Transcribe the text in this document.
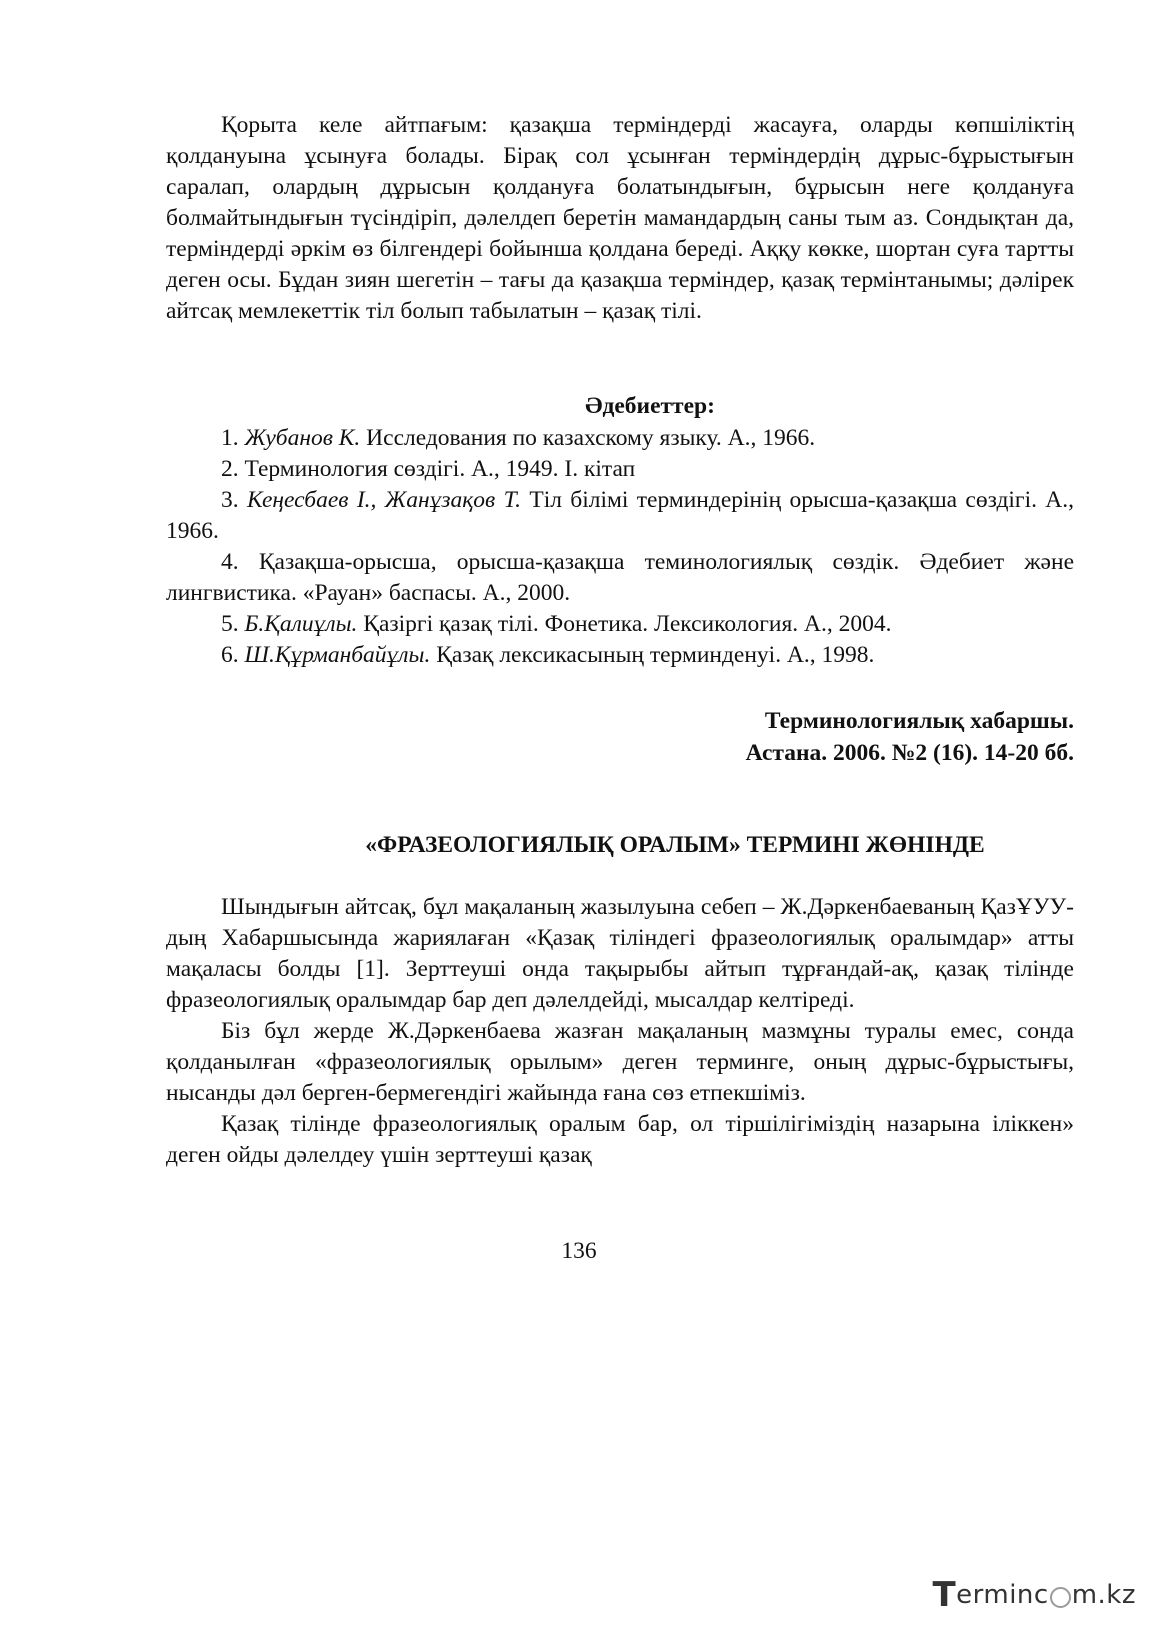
Қорыта келе айтпағым: қазақша терміндерді жасауға, оларды көпшіліктің қолдануына ұсынуға болады. Бірақ сол ұсынған терміндердің дұрыс-бұрыстығын саралап, олардың дұрысын қолдануға болатындығын, бұрысын неге қолдануға болмайтындығын түсіндіріп, дәлелдеп беретін мамандардың саны тым аз. Сондықтан да, терміндерді әркім өз білгендері бойынша қолдана береді. Аққу көкке, шортан суға тартты деген осы. Бұдан зиян шегетін – тағы да қазақша терміндер, қазақ термінтанымы; дәлірек айтсақ мемлекеттік тіл болып табылатын – қазақ тілі.

Әдебиеттер:

1. Жубанов К. Исследования по казахскому языку. А., 1966.

2. Терминология сөздігі. А., 1949. I. кітап

3. Кеңесбаев I., Жанұзақов Т. Тіл білімі терминдерінің орысша-қазақша сөздігі. А., 1966.

4. Қазақша-орысша, орысша-қазақша теминологиялық сөздік. Әдебиет және лингвистика. «Рауан» баспасы. А., 2000.

5. Б.Қалиұлы. Қазіргі қазақ тілі. Фонетика. Лексикология. А., 2004.

6. Ш.Құрманбайұлы. Қазақ лексикасының терминденуі. А., 1998.

Терминологиялық хабаршы.
Астана. 2006. №2 (16). 14-20 бб.
«ФРАЗЕОЛОГИЯЛЫҚ ОРАЛЫМ» ТЕРМИНІ ЖӨНІНДЕ

Шындығын айтсақ, бұл мақаланың жазылуына себеп – Ж.Дәркенбаеваның ҚазҰУУ-дың Хабаршысында жариялаған «Қазақ тіліндегі фразеологиялық оралымдар» атты мақаласы болды [1]. Зерттеуші онда тақырыбы айтып тұрғандай-ақ, қазақ тілінде фразеологиялық оралымдар бар деп дәлелдейді, мысалдар келтіреді.

Біз бұл жерде Ж.Дәркенбаева жазған мақаланың мазмұны туралы емес, сонда қолданылған «фразеологиялық орылым» деген терминге, оның дұрыс-бұрыстығы, нысанды дәл берген-бермегендігі жайында ғана сөз етпекшіміз.

Қазақ тілінде фразеологиялық оралым бар, ол тіршілігіміздің назарына іліккен» деген ойды дәлелдеу үшін зерттеуші қазақ

136
T erminc m.kz
